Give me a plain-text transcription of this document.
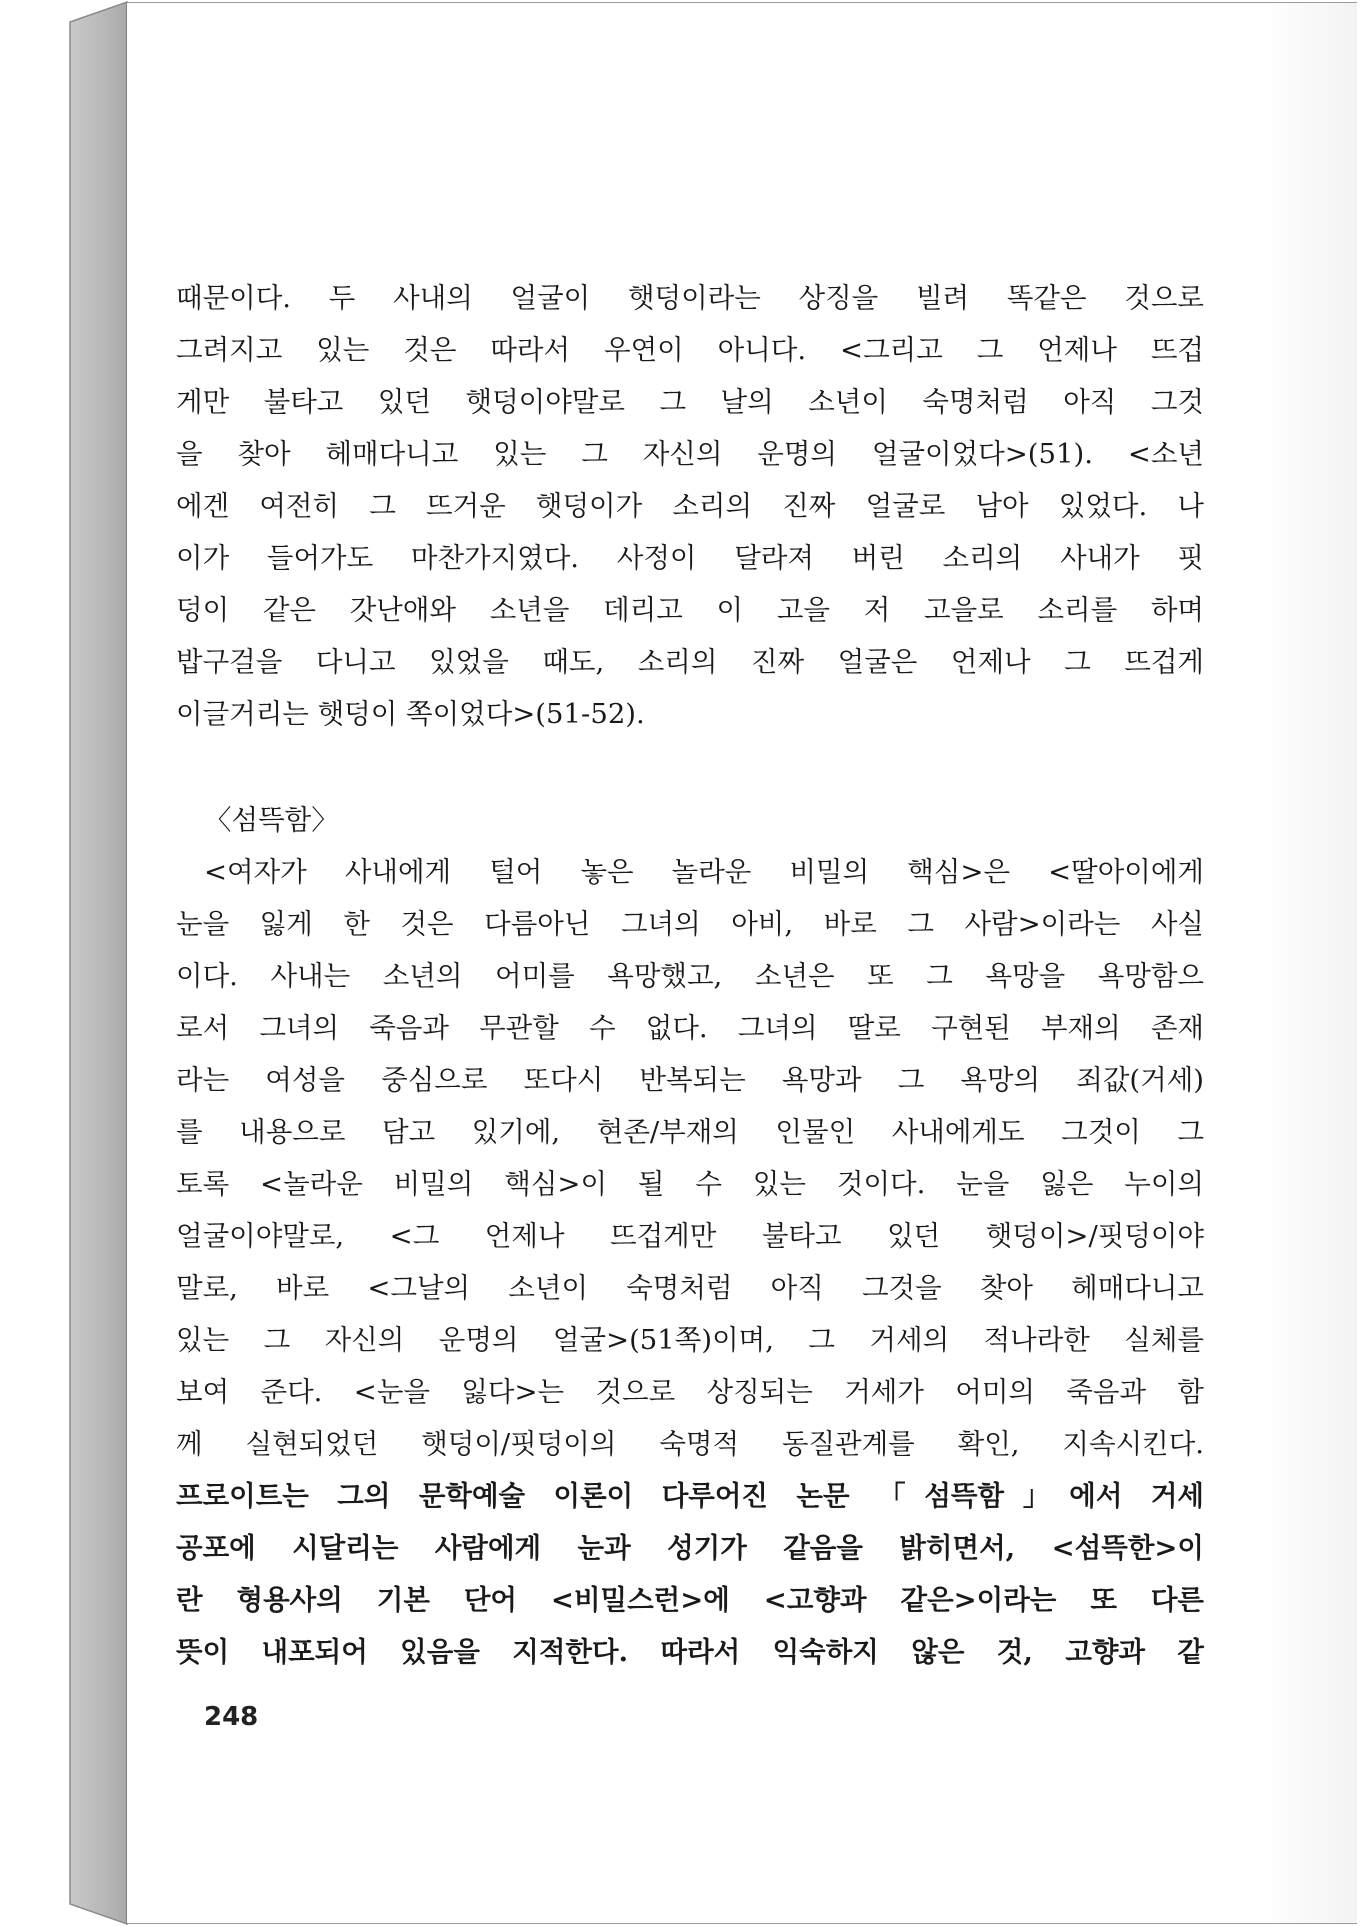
때문이다. 두 사내의 얼굴이 햇덩이라는 상징을 빌려 똑같은 것으로
그려지고 있는 것은 따라서 우연이 아니다. <그리고 그 언제나 뜨겁
게만 불타고 있던 햇덩이야말로 그 날의 소년이 숙명처럼 아직 그것
을 찾아 헤매다니고 있는 그 자신의 운명의 얼굴이었다>(51). <소년
에겐 여전히 그 뜨거운 햇덩이가 소리의 진짜 얼굴로 남아 있었다. 나
이가 들어가도 마찬가지였다. 사정이 달라져 버린 소리의 사내가 핏
덩이 같은 갓난애와 소년을 데리고 이 고을 저 고을로 소리를 하며
밥구걸을 다니고 있었을 때도, 소리의 진짜 얼굴은 언제나 그 뜨겁게
이글거리는 햇덩이 쪽이었다>(51-52).
〈섬뜩함〉
<여자가 사내에게 털어 놓은 놀라운 비밀의 핵심>은 <딸아이에게
눈을 잃게 한 것은 다름아닌 그녀의 아비, 바로 그 사람>이라는 사실
이다. 사내는 소년의 어미를 욕망했고, 소년은 또 그 욕망을 욕망함으
로서 그녀의 죽음과 무관할 수 없다. 그녀의 딸로 구현된 부재의 존재
라는 여성을 중심으로 또다시 반복되는 욕망과 그 욕망의 죄값(거세)
를 내용으로 담고 있기에, 현존/부재의 인물인 사내에게도 그것이 그
토록 <놀라운 비밀의 핵심>이 될 수 있는 것이다. 눈을 잃은 누이의
얼굴이야말로, <그 언제나 뜨겁게만 불타고 있던 햇덩이>/핏덩이야
말로, 바로 <그날의 소년이 숙명처럼 아직 그것을 찾아 헤매다니고
있는 그 자신의 운명의 얼굴>(51쪽)이며, 그 거세의 적나라한 실체를
보여 준다. <눈을 잃다>는 것으로 상징되는 거세가 어미의 죽음과 함
께 실현되었던 햇덩이/핏덩이의 숙명적 동질관계를 확인, 지속시킨다.
프로이트는 그의 문학예술 이론이 다루어진 논문 「섬뜩함」에서 거세
공포에 시달리는 사람에게 눈과 성기가 같음을 밝히면서, <섬뜩한>이
란 형용사의 기본 단어 <비밀스런>에 <고향과 같은>이라는 또 다른
뜻이 내포되어 있음을 지적한다. 따라서 익숙하지 않은 것, 고향과 같
248
